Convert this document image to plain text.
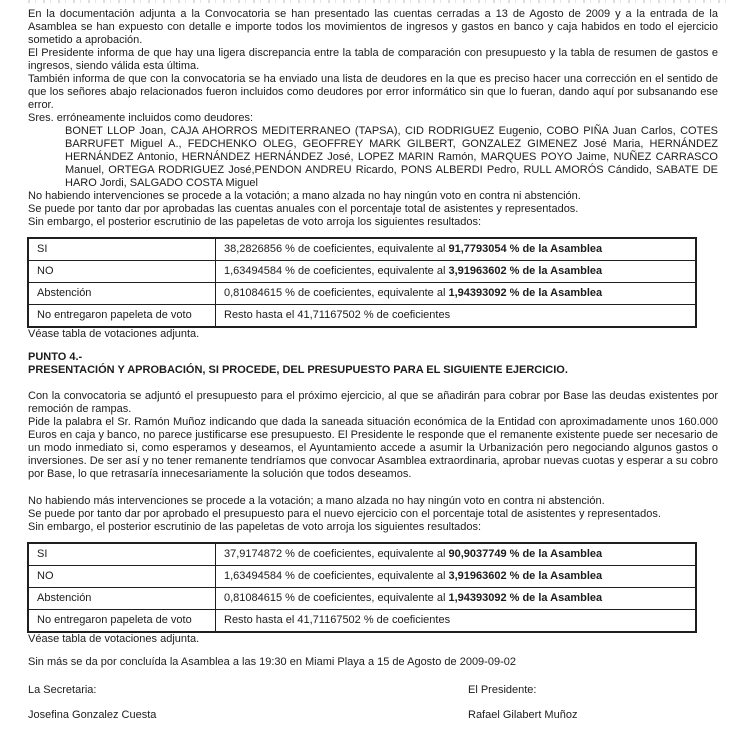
En la documentación adjunta a la Convocatoria se han presentado las cuentas cerradas a 13 de Agosto de 2009 y a la entrada de la Asamblea se han expuesto con detalle e importe todos los movimientos de ingresos y gastos en banco y caja habidos en todo el ejercicio sometido a aprobación.

El Presidente informa de que hay una ligera discrepancia entre la tabla de comparación con presupuesto y la tabla de resumen de gastos e ingresos, siendo válida esta última.

También informa de que con la convocatoria se ha enviado una lista de deudores en la que es preciso hacer una corrección en el sentido de que los señores abajo relacionados fueron incluidos como deudores por error informático sin que lo fueran, dando aquí por subsanando ese error.

Sres. erróneamente incluidos como deudores:

BONET LLOP Joan, CAJA AHORROS MEDITERRANEO (TAPSA), CID RODRIGUEZ Eugenio, COBO PIÑA Juan Carlos, COTES BARRUFET Miguel A., FEDCHENKO OLEG, GEOFFREY MARK GILBERT, GONZALEZ GIMENEZ José Maria, HERNÁNDEZ HERNÁNDEZ Antonio, HERNÁNDEZ HERNÁNDEZ José, LOPEZ MARIN Ramón, MARQUES POYO Jaime, NUÑEZ CARRASCO Manuel, ORTEGA RODRIGUEZ José,PENDON ANDREU Ricardo, PONS ALBERDI Pedro, RULL AMORÓS Cándido, SABATE DE HARO Jordi, SALGADO COSTA Miguel

No habiendo intervenciones se procede a la votación; a mano alzada no hay ningún voto en contra ni abstención.

Se puede por tanto dar por aprobadas las cuentas anuales con el porcentaje total de asistentes y representados.

Sin embargo, el posterior escrutinio de las papeletas de voto arroja los siguientes resultados:

SI	38,2826856 % de coeficientes, equivalente al 91,7793054 % de la Asamblea
NO	1,63494584 % de coeficientes, equivalente al 3,91963602 % de la Asamblea
Abstención	0,81084615 % de coeficientes, equivalente al 1,94393092 % de la Asamblea
No entregaron papeleta de voto	Resto hasta el 41,71167502 % de coeficientes

Véase tabla de votaciones adjunta.

PUNTO 4.-

PRESENTACIÓN Y APROBACIÓN, SI PROCEDE, DEL PRESUPUESTO PARA EL SIGUIENTE EJERCICIO.

Con la convocatoria se adjuntó el presupuesto para el próximo ejercicio, al que se añadirán para cobrar por Base las deudas existentes por remoción de rampas.

Pide la palabra el Sr. Ramón Muñoz indicando que dada la saneada situación económica de la Entidad con aproximadamente unos 160.000 Euros en caja y banco, no parece justificarse ese presupuesto. El Presidente le responde que el remanente existente puede ser necesario de un modo inmediato si, como esperamos y deseamos, el Ayuntamiento accede a asumir la Urbanización pero negociando algunos gastos o inversiones. De ser así y no tener remanente tendríamos que convocar Asamblea extraordinaria, aprobar nuevas cuotas y esperar a su cobro por Base, lo que retrasaría innecesariamente la solución que todos deseamos.

No habiendo más intervenciones se procede a la votación; a mano alzada no hay ningún voto en contra ni abstención.

Se puede por tanto dar por aprobado el presupuesto para el nuevo ejercicio con el porcentaje total de asistentes y representados.

Sin embargo, el posterior escrutinio de las papeletas de voto arroja los siguientes resultados:

SI	37,9174872 % de coeficientes, equivalente al 90,9037749 % de la Asamblea
NO	1,63494584 % de coeficientes, equivalente al 3,91963602 % de la Asamblea
Abstención	0,81084615 % de coeficientes, equivalente al 1,94393092 % de la Asamblea
No entregaron papeleta de voto	Resto hasta el 41,71167502 % de coeficientes

Véase tabla de votaciones adjunta.

Sin más se da por concluída la Asamblea a las 19:30 en Miami Playa a 15 de Agosto de 2009-09-02

La Secretaria:	El Presidente:
Josefina Gonzalez Cuesta	Rafael Gilabert Muñoz
